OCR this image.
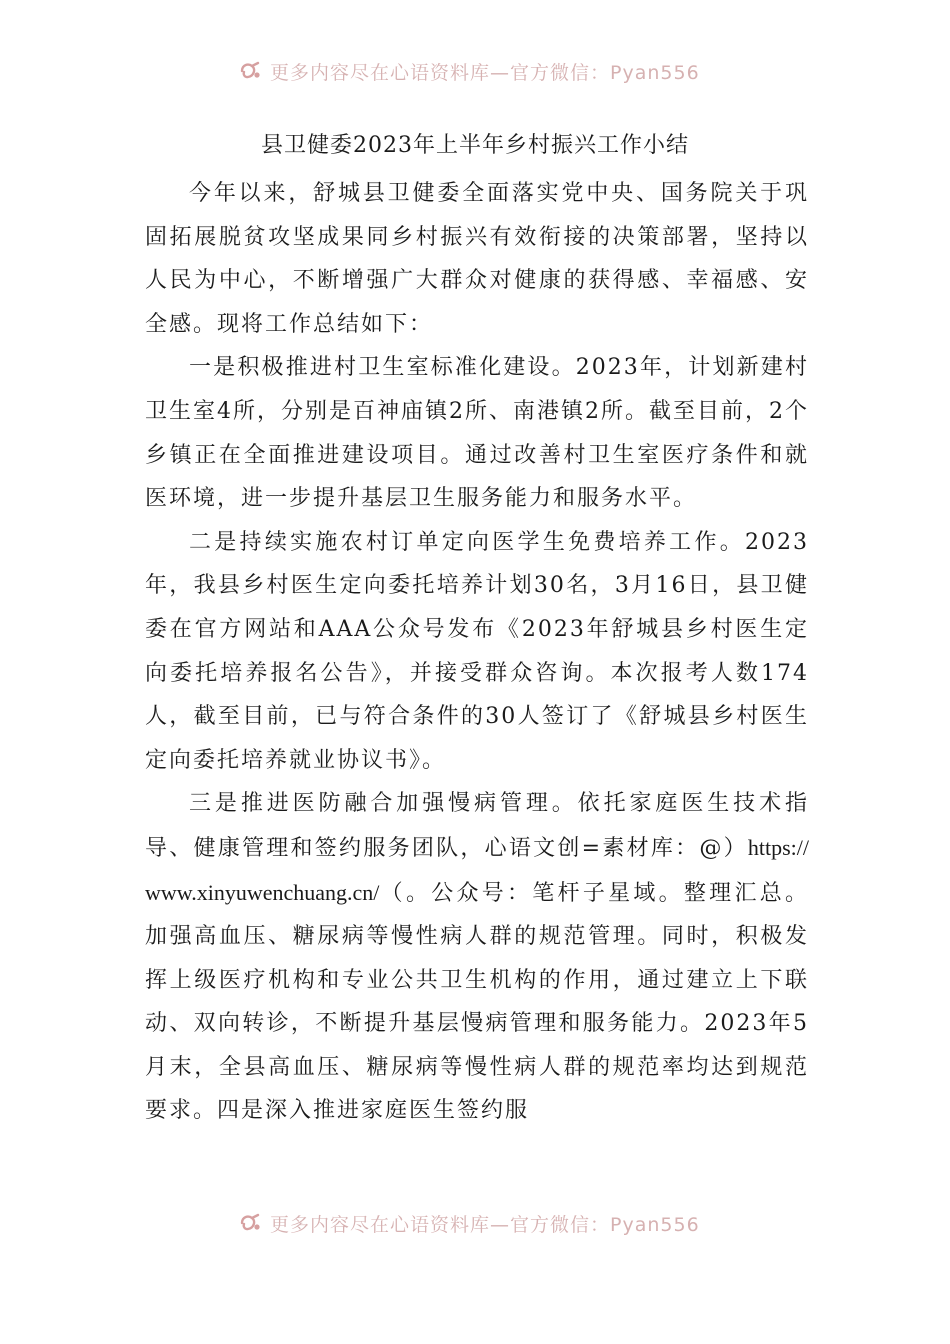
更多内容尽在心语资料库—官方微信：Pyan556
县卫健委2023年上半年乡村振兴工作小结

今年以来，舒城县卫健委全面落实党中央、国务院关于巩固拓展脱贫攻坚成果同乡村振兴有效衔接的决策部署，坚持以人民为中心，不断增强广大群众对健康的获得感、幸福感、安全感。现将工作总结如下：

一是积极推进村卫生室标准化建设。2023年，计划新建村卫生室4所，分别是百神庙镇2所、南港镇2所。截至目前，2个乡镇正在全面推进建设项目。通过改善村卫生室医疗条件和就医环境，进一步提升基层卫生服务能力和服务水平。

二是持续实施农村订单定向医学生免费培养工作。2023年，我县乡村医生定向委托培养计划30名，3月16日，县卫健委在官方网站和AAA公众号发布《2023年舒城县乡村医生定向委托培养报名公告》，并接受群众咨询。本次报考人数174人，截至目前，已与符合条件的30人签订了《舒城县乡村医生定向委托培养就业协议书》。

三是推进医防融合加强慢病管理。依托家庭医生技术指导、健康管理和签约服务团队，心语文创=素材库：@）https://www.xinyuwenchuang.cn/（。公众号：笔杆子星域。整理汇总。加强高血压、糖尿病等慢性病人群的规范管理。同时，积极发挥上级医疗机构和专业公共卫生机构的作用，通过建立上下联动、双向转诊，不断提升基层慢病管理和服务能力。2023年5月末，全县高血压、糖尿病等慢性病人群的规范率均达到规范要求。四是深入推进家庭医生签约服

更多内容尽在心语资料库—官方微信：Pyan556
